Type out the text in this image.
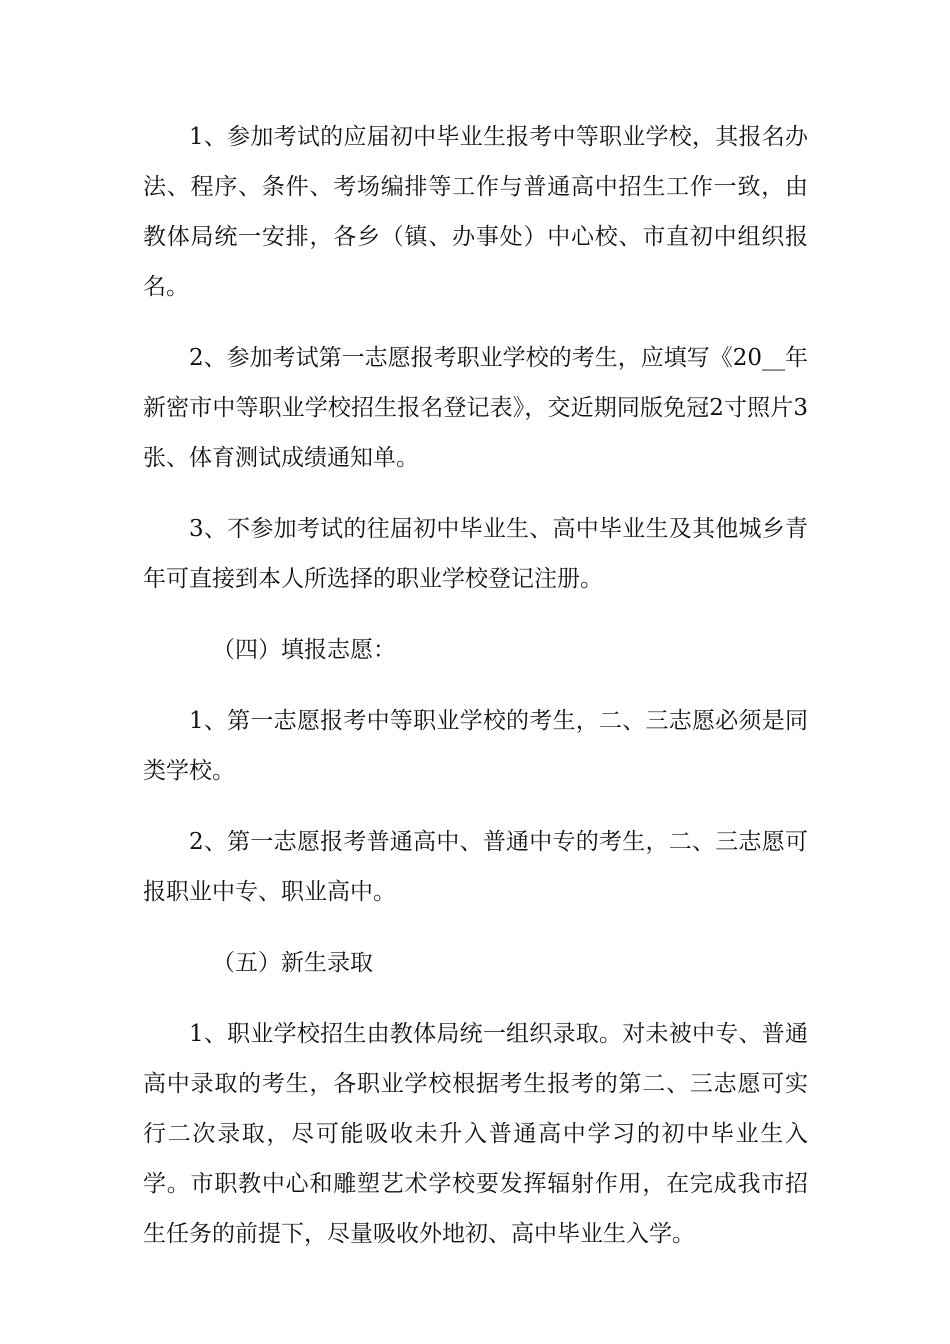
1、参加考试的应届初中毕业生报考中等职业学校，其报名办法、程序、条件、考场编排等工作与普通高中招生工作一致，由教体局统一安排，各乡（镇、办事处）中心校、市直初中组织报名。

2、参加考试第一志愿报考职业学校的考生，应填写《20__年新密市中等职业学校招生报名登记表》，交近期同版免冠2寸照片3张、体育测试成绩通知单。

3、不参加考试的往届初中毕业生、高中毕业生及其他城乡青年可直接到本人所选择的职业学校登记注册。

（四）填报志愿：

1、第一志愿报考中等职业学校的考生，二、三志愿必须是同类学校。

2、第一志愿报考普通高中、普通中专的考生，二、三志愿可报职业中专、职业高中。

（五）新生录取

1、职业学校招生由教体局统一组织录取。对未被中专、普通高中录取的考生，各职业学校根据考生报考的第二、三志愿可实行二次录取，尽可能吸收未升入普通高中学习的初中毕业生入学。市职教中心和雕塑艺术学校要发挥辐射作用，在完成我市招生任务的前提下，尽量吸收外地初、高中毕业生入学。
